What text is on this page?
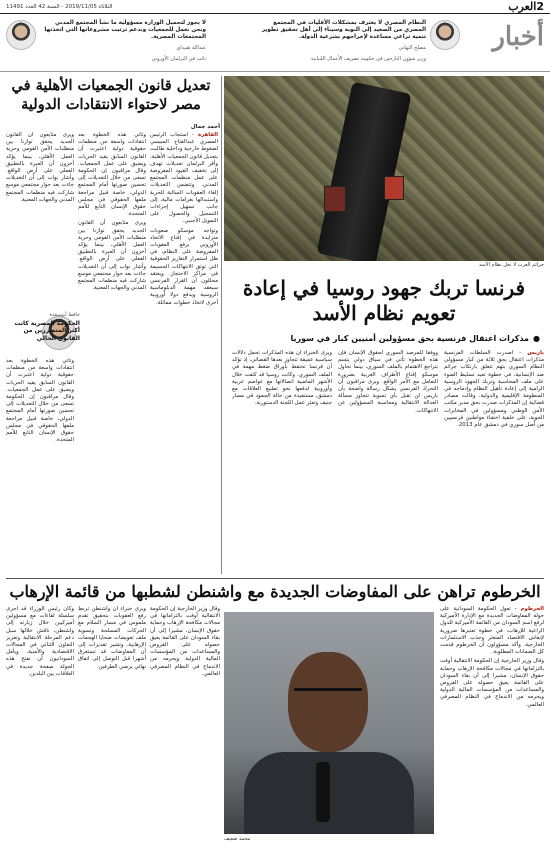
2
العرب
الثلاثاء 2019/11/05 - السنة 42 العدد 11491
أخبار
النظام المصري لا يعترف بمشكلات الأقليات في المجتمع المصري من الصعيد إلى النوبة وسيناء إلى أهل تحقيق تطوير تنمية تراعي مساعدة لإخراجهم بشرعية الدولة.
مصلح النهاني
وزير شؤون النازحين في حكومة تصريف الأعمال اللبنانية
لا يجوز لتحميل الوزارة مسؤولية ما نشأ المجتمع المدني ونحن نعمل للجمعيات وندعم ترتيب مشروعاتها التي اتخذتها المجتمعات المصرية.
عبدالله هنيداي
نائب في البرلمان الأوروبي
جرائم العرب لا تحل نظام الأسد
فرنسا تربك جهود روسيا في إعادة تعويم نظام الأسد
●مذكرات اعتقال فرنسية بحق مسؤولين أمنيين كبار في سوريا

باريس - أصدرت السلطات الفرنسية مذكرات اعتقال بحق ثلاثة من كبار مسؤولي النظام السوري بتهم تتعلق بارتكاب جرائم ضد الإنسانية، في خطوة تعيد تسليط الضوء على ملف المحاسبة وتربك الجهود الروسية الرامية إلى إعادة تأهيل النظام وإدماجه في المنظومة الإقليمية والدولية. وقالت مصادر قضائية إن المذكرات صدرت بحق مدير مكتب الأمن الوطني ومسؤولين في المخابرات الجوية، على خلفية اختفاء مواطنين فرنسيين من أصل سوري في دمشق عام 2013.

ووفقا للمرصد السوري لحقوق الإنسان فإن هذه الخطوة تأتي في سياق دولي يتسم بتراجع الاهتمام بالملف السوري، بينما تحاول موسكو إقناع الأطراف الغربية بضرورة التعامل مع الأمر الواقع. ويرى مراقبون أن التحرك الفرنسي يشكل رسالة واضحة بأن باريس لن تقبل بأي تسوية تتجاوز مسألة العدالة الانتقالية ومحاسبة المسؤولين عن الانتهاكات.

ويرى الخبراء أن هذه المذكرات تحمل دلالات سياسية عميقة تتجاوز بعدها القضائي، إذ تؤكد أن فرنسا تحتفظ بأوراق ضغط مهمة في الملف السوري. وكانت روسيا قد كثفت خلال الأشهر الماضية اتصالاتها مع عواصم عربية وأوروبية لدفعها نحو تطبيع العلاقات مع دمشق، مستفيدة من حالة الجمود في مسار جنيف وتعثر عمل اللجنة الدستورية.

تعديل قانون الجمعيات الأهلية في مصر لاحتواء الانتقادات الدولية
أحمد جمال

القاهرة - استجاب الرئيس المصري عبدالفتاح السيسي لضغوط خارجية وداخلية طالبت بتعديل قانون الجمعيات الأهلية، وأقر البرلمان تعديلات تهدف إلى تخفيف القيود المفروضة على عمل منظمات المجتمع المدني. وتتضمن التعديلات إلغاء العقوبات السالبة للحرية واستبدالها بغرامات مالية، إلى جانب تسهيل إجراءات التسجيل والحصول على التمويل الأجنبي.

وتواجه موسكو صعوبات متزايدة في إقناع الاتحاد الأوروبي برفع العقوبات المفروضة على النظام، في ظل استمرار التقارير الحقوقية التي توثق الانتهاكات الجسيمة في مراكز الاحتجاز. ويعتقد محللون أن القرار الفرنسي سيعقد مهمة الدبلوماسية الروسية ويدفع دولا أوروبية أخرى لاتخاذ خطوات مماثلة.

وتأتي هذه الخطوة بعد انتقادات واسعة من منظمات حقوقية دولية اعتبرت أن القانون السابق يقيد الحريات ويضيق على عمل الجمعيات. وقال مراقبون إن الحكومة تسعى من خلال التعديلات إلى تحسين صورتها أمام المجتمع الدولي، خاصة قبيل مراجعة ملفها الحقوقي في مجلس حقوق الإنسان التابع للأمم المتحدة.

ويرى متابعون أن القانون الجديد يحقق توازنا بين متطلبات الأمن القومي وحرية العمل الأهلي، بينما يؤكد آخرون أن العبرة بالتطبيق الفعلي على أرض الواقع. وأشار نواب إلى أن التعديلات جاءت بعد حوار مجتمعي موسع شاركت فيه منظمات المجتمع المدني والجهات المعنية.

ويرى متابعون أن القانون الجديد يحقق توازنا بين متطلبات الأمن القومي وحرية العمل الأهلي، بينما يؤكد آخرون أن العبرة بالتطبيق الفعلي على أرض الواقع. وأشار نواب إلى أن التعديلات جاءت بعد حوار مجتمعي موسع شاركت فيه منظمات المجتمع المدني والجهات المعنية.

حافظ أبوسعدة
الحكومة المصرية كانت أكثر المتضررين من القانون الحالي

وتأتي هذه الخطوة بعد انتقادات واسعة من منظمات حقوقية دولية اعتبرت أن القانون السابق يقيد الحريات ويضيق على عمل الجمعيات. وقال مراقبون إن الحكومة تسعى من خلال التعديلات إلى تحسين صورتها أمام المجتمع الدولي، خاصة قبيل مراجعة ملفها الحقوقي في مجلس حقوق الإنسان التابع للأمم المتحدة.

الخرطوم تراهن على المفاوضات الجديدة مع واشنطن لشطبها من قائمة الإرهاب

الخرطوم - تعول الحكومة السودانية على جولة المفاوضات الجديدة مع الإدارة الأميركية لرفع اسم السودان من القائمة الأميركية للدول الراعية للإرهاب، في خطوة تعتبرها ضرورية لإنعاش الاقتصاد المتعثر وجذب الاستثمارات الخارجية. وأكد مسؤولون أن الخرطوم قدمت كل الضمانات المطلوبة.

وقال وزير الخارجية إن الحكومة الانتقالية أوفت بالتزاماتها في مجالات مكافحة الإرهاب وحماية حقوق الإنسان، مشيرا إلى أن بقاء السودان على القائمة يعيق حصوله على القروض والمساعدات من المؤسسات المالية الدولية ويحرمه من الاندماج في النظام المصرفي العالمي.

محمد ضعيف

وقال وزير الخارجية إن الحكومة الانتقالية أوفت بالتزاماتها في مجالات مكافحة الإرهاب وحماية حقوق الإنسان، مشيرا إلى أن بقاء السودان على القائمة يعيق حصوله على القروض والمساعدات من المؤسسات المالية الدولية ويحرمه من الاندماج في النظام المصرفي العالمي.

ويرى خبراء أن واشنطن تربط رفع العقوبات بتحقيق تقدم ملموس في مسار السلام مع الحركات المسلحة وتسوية ملف تعويضات ضحايا الهجمات الإرهابية. وتشير تقديرات إلى أن المفاوضات قد تستغرق أشهرا قبل التوصل إلى اتفاق نهائي يرضي الطرفين.

وكان رئيس الوزراء قد أجرى سلسلة لقاءات مع مسؤولين أميركيين خلال زيارته إلى واشنطن، ناقش خلالها سبل دعم المرحلة الانتقالية وتعزيز التعاون الثنائي في المجالات الاقتصادية والأمنية. ويأمل السودانيون أن تفتح هذه الجولة صفحة جديدة في العلاقات بين البلدين.
